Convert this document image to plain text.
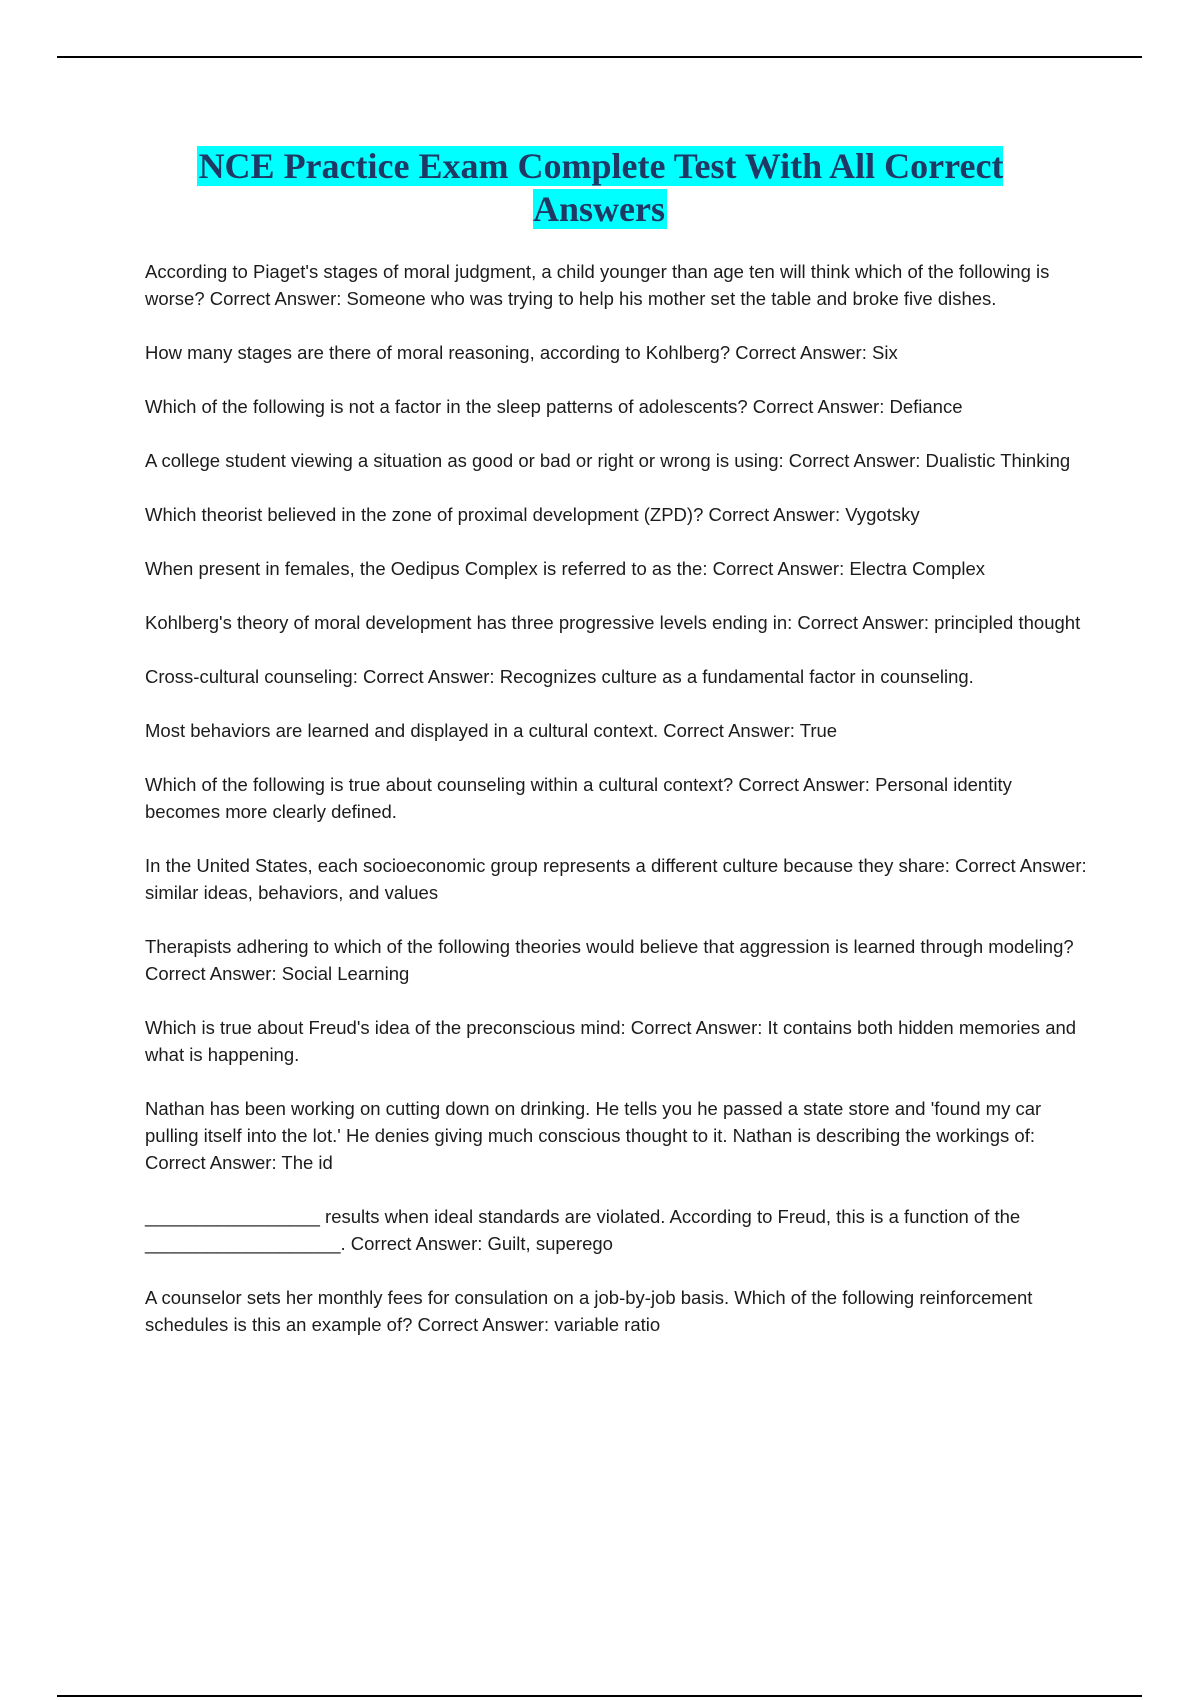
NCE Practice Exam Complete Test With All Correct Answers

According to Piaget's stages of moral judgment, a child younger than age ten will think which of the following is worse? Correct Answer: Someone who was trying to help his mother set the table and broke five dishes.

How many stages are there of moral reasoning, according to Kohlberg? Correct Answer: Six

Which of the following is not a factor in the sleep patterns of adolescents? Correct Answer: Defiance

A college student viewing a situation as good or bad or right or wrong is using: Correct Answer: Dualistic Thinking

Which theorist believed in the zone of proximal development (ZPD)? Correct Answer: Vygotsky

When present in females, the Oedipus Complex is referred to as the: Correct Answer: Electra Complex

Kohlberg's theory of moral development has three progressive levels ending in: Correct Answer: principled thought

Cross-cultural counseling: Correct Answer: Recognizes culture as a fundamental factor in counseling.

Most behaviors are learned and displayed in a cultural context. Correct Answer: True

Which of the following is true about counseling within a cultural context? Correct Answer: Personal identity becomes more clearly defined.

In the United States, each socioeconomic group represents a different culture because they share: Correct Answer: similar ideas, behaviors, and values

Therapists adhering to which of the following theories would believe that aggression is learned through modeling? Correct Answer: Social Learning

Which is true about Freud's idea of the preconscious mind: Correct Answer: It contains both hidden memories and what is happening.

Nathan has been working on cutting down on drinking. He tells you he passed a state store and 'found my car pulling itself into the lot.' He denies giving much conscious thought to it. Nathan is describing the workings of: Correct Answer: The id

_________________ results when ideal standards are violated. According to Freud, this is a function of the ___________________. Correct Answer: Guilt, superego

A counselor sets her monthly fees for consulation on a job-by-job basis. Which of the following reinforcement schedules is this an example of? Correct Answer: variable ratio
